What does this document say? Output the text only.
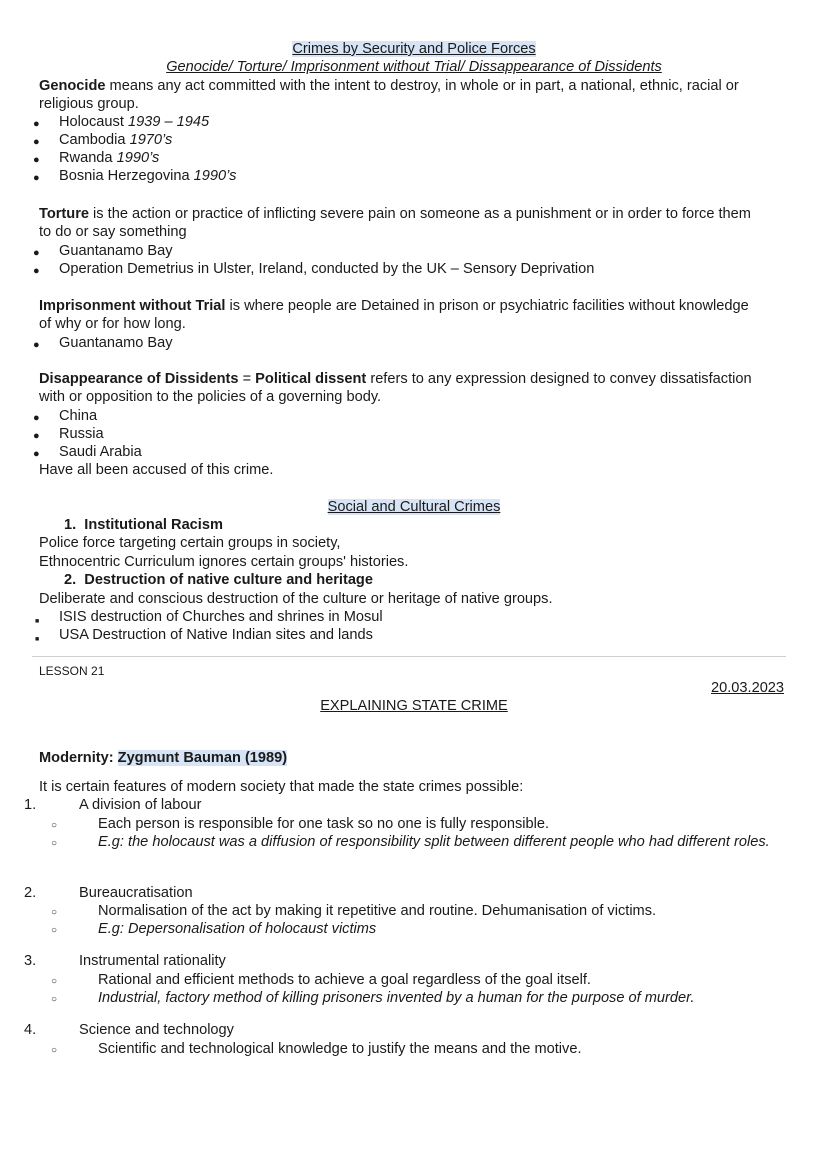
Crimes by Security and Police Forces
Genocide/ Torture/ Imprisonment without Trial/ Dissappearance of Dissidents
Genocide means any act committed with the intent to destroy, in whole or in part, a national, ethnic, racial or
religious group.
● Holocaust 1939 – 1945
● Cambodia 1970’s
● Rwanda 1990’s
● Bosnia Herzegovina 1990’s
Torture is the action or practice of inflicting severe pain on someone as a punishment or in order to force them
to do or say something
● Guantanamo Bay
● Operation Demetrius in Ulster, Ireland, conducted by the UK – Sensory Deprivation
Imprisonment without Trial is where people are Detained in prison or psychiatric facilities without knowledge
of why or for how long.
● Guantanamo Bay
Disappearance of Dissidents = Political dissent refers to any expression designed to convey dissatisfaction
with or opposition to the policies of a governing body.
● China
● Russia
● Saudi Arabia
Have all been accused of this crime.
Social and Cultural Crimes
1. Institutional Racism
Police force targeting certain groups in society,
Ethnocentric Curriculum ignores certain groups' histories.
2. Destruction of native culture and heritage
Deliberate and conscious destruction of the culture or heritage of native groups.
■ ISIS destruction of Churches and shrines in Mosul
■ USA Destruction of Native Indian sites and lands
LESSON 21
20.03.2023
EXPLAINING STATE CRIME
Modernity: Zygmunt Bauman (1989)
It is certain features of modern society that made the state crimes possible:
1.	A division of labour
○	Each person is responsible for one task so no one is fully responsible.
○	E.g: the holocaust was a diffusion of responsibility split between different people who had different roles.
2.	Bureaucratisation
○	Normalisation of the act by making it repetitive and routine. Dehumanisation of victims.
○	E.g: Depersonalisation of holocaust victims
3.	Instrumental rationality
○	Rational and efficient methods to achieve a goal regardless of the goal itself.
○	Industrial, factory method of killing prisoners invented by a human for the purpose of murder.
4.	Science and technology
○	Scientific and technological knowledge to justify the means and the motive.
